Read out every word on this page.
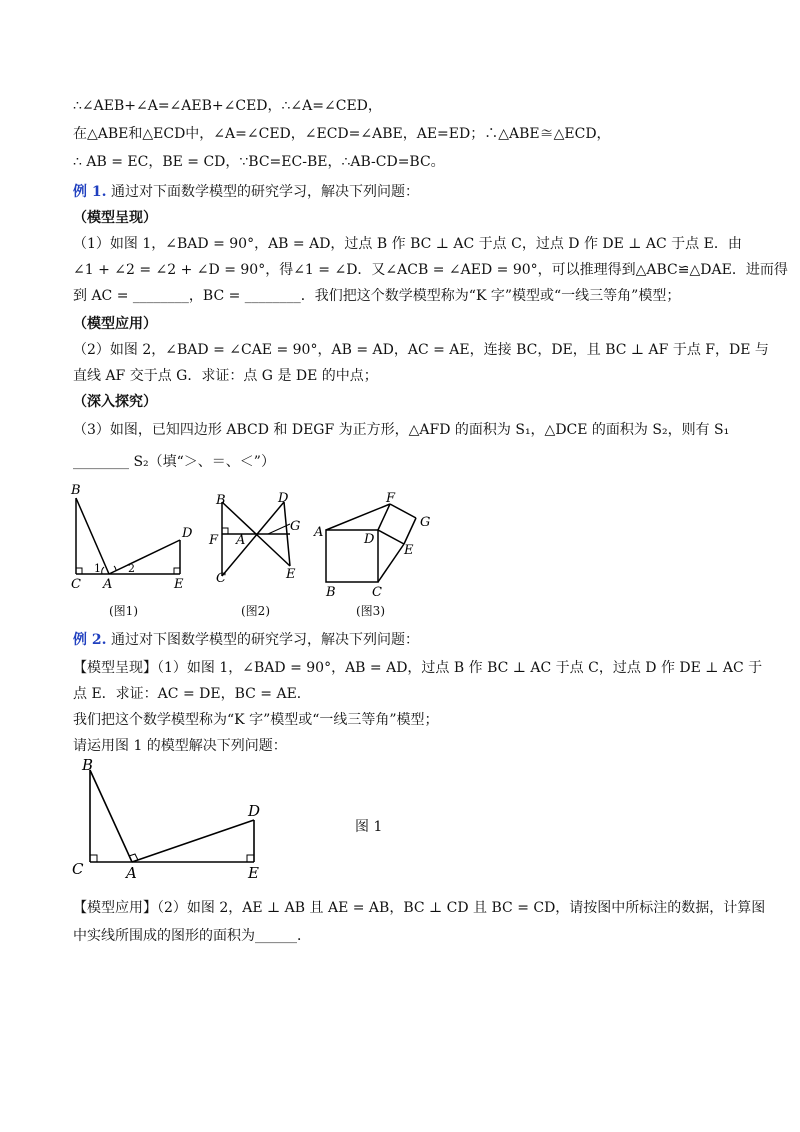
∴∠AEB+∠A=∠AEB+∠CED，∴∠A=∠CED，
在△ABE和△ECD中，∠A=∠CED，∠ECD=∠ABE，AE=ED；∴△ABE≅△ECD，
∴ AB = EC，BE = CD，∵BC=EC-BE，∴AB-CD=BC。
例 1. 通过对下面数学模型的研究学习，解决下列问题：
（模型呈现）
（1）如图 1，∠BAD = 90°，AB = AD，过点 B 作 BC ⊥ AC 于点 C，过点 D 作 DE ⊥ AC 于点 E．由
∠1 + ∠2 = ∠2 + ∠D = 90°，得∠1 = ∠D．又∠ACB = ∠AED = 90°，可以推理得到△ABC≌△DAE．进而得
到 AC = ________，BC = ________．我们把这个数学模型称为“K 字”模型或“一线三等角”模型；
（模型应用）
（2）如图 2，∠BAD = ∠CAE = 90°，AB = AD，AC = AE，连接 BC，DE，且 BC ⊥ AF 于点 F，DE 与
直线 AF 交于点 G．求证：点 G 是 DE 的中点；
（深入探究）
（3）如图，已知四边形 ABCD 和 DEGF 为正方形，△AFD 的面积为 S₁，△DCE 的面积为 S₂，则有 S₁
________ S₂（填“＞、＝、＜”）
B
C A
D
E
1 2
(图1)
B	D
G
F A
C	E
(图2)
F
G
A	D
E
B	C
(图3)
例 2. 通过对下图数学模型的研究学习，解决下列问题：
【模型呈现】（1）如图 1，∠BAD = 90°，AB = AD，过点 B 作 BC ⊥ AC 于点 C，过点 D 作 DE ⊥ AC 于
点 E．求证：AC = DE，BC = AE．
我们把这个数学模型称为“K 字”模型或“一线三等角”模型；
请运用图 1 的模型解决下列问题：
B
C	A
D
E
图 1
【模型应用】（2）如图 2，AE ⊥ AB 且 AE = AB，BC ⊥ CD 且 BC = CD，请按图中所标注的数据，计算图
中实线所围成的图形的面积为______．
